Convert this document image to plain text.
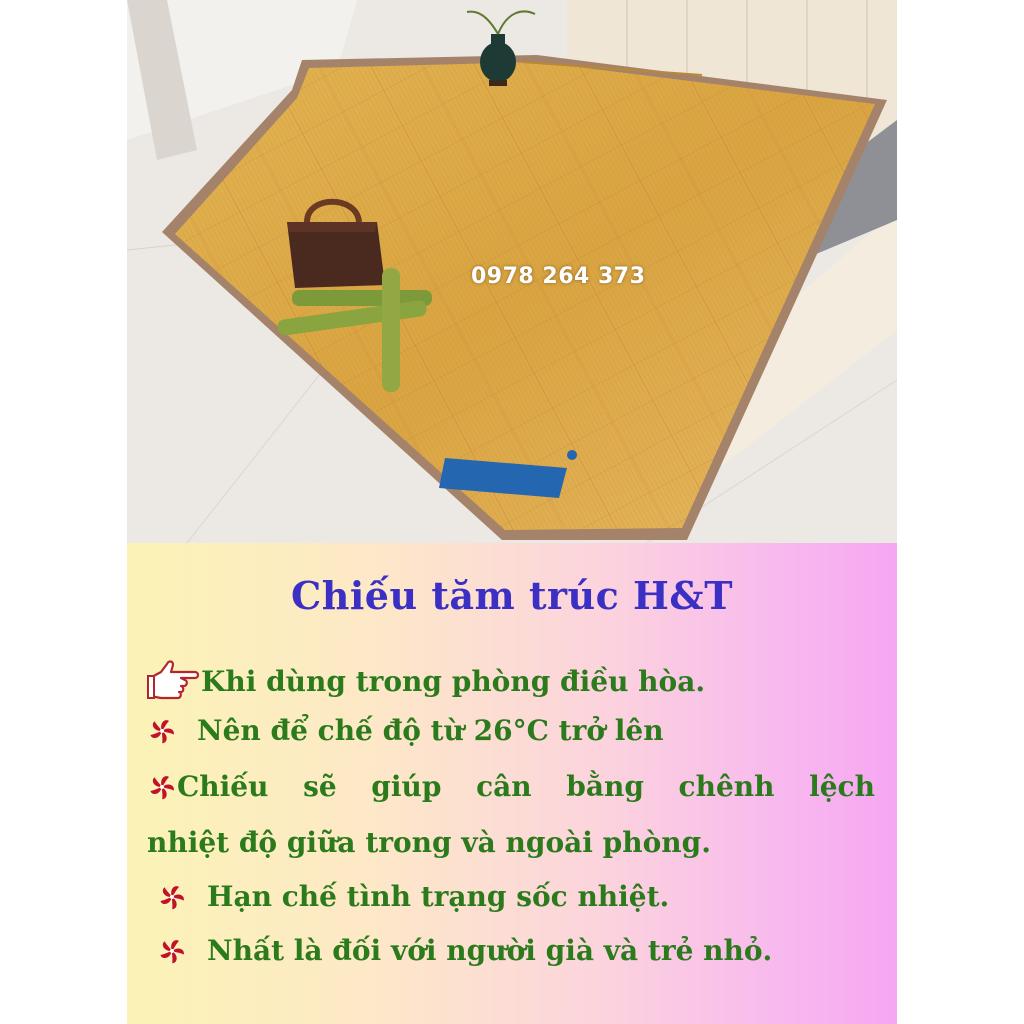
0978 264 373
Chiếu tăm trúc H&T
Khi dùng trong phòng điều hòa.
Nên để chế độ từ 26°C trở lên
Chiếu sẽ giúp cân bằng chênh lệch
nhiệt độ giữa trong và ngoài phòng.
Hạn chế tình trạng sốc nhiệt.
Nhất là đối với người già và trẻ nhỏ.
